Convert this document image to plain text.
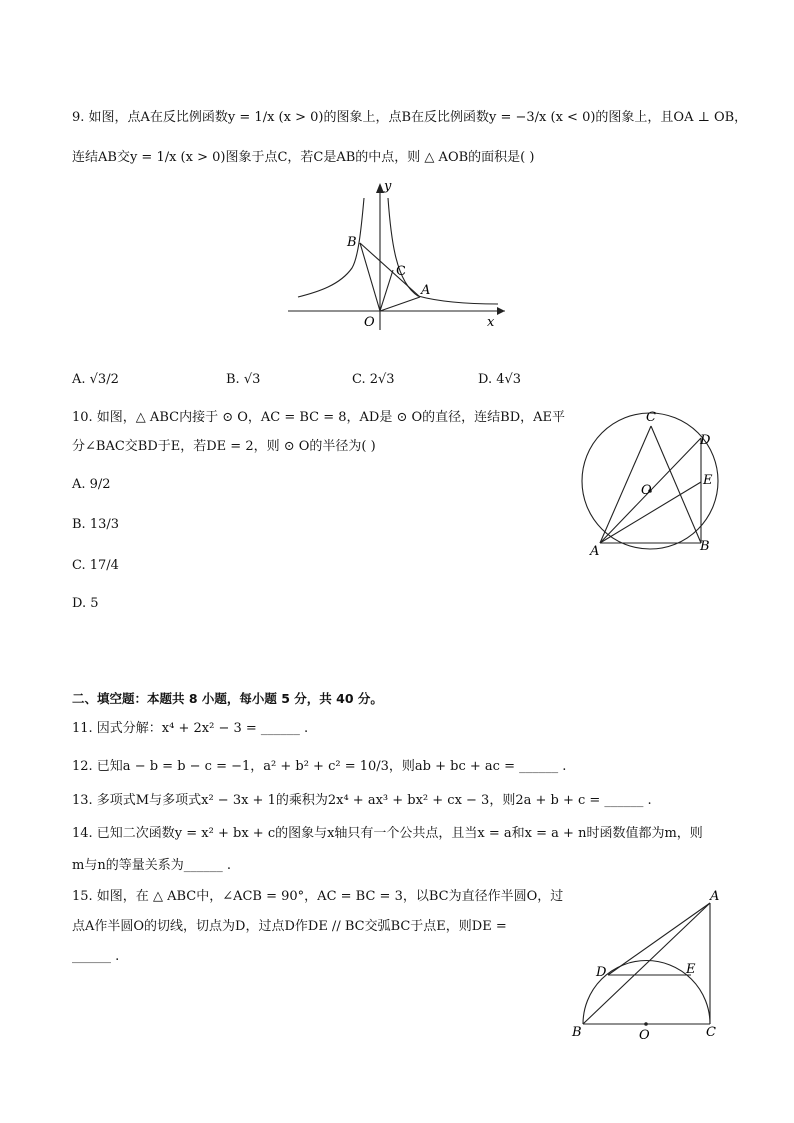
9. 如图，点A在反比例函数y = 1/x (x > 0)的图象上，点B在反比例函数y = −3/x (x < 0)的图象上，且OA ⊥ OB，
连结AB交y = 1/x (x > 0)图象于点C，若C是AB的中点，则 △ AOB的面积是( )
y
x
O
A
B
C
C
D
E
O
A	B
A
D	E
B	O	C
A. √3/2	B. √3	C. 2√3	D. 4√3
10. 如图，△ ABC内接于 ⊙ O，AC = BC = 8，AD是 ⊙ O的直径，连结BD，AE平
分∠BAC交BD于E，若DE = 2，则 ⊙ O的半径为( )
A. 9/2
B. 13/3
C. 17/4
D. 5
二、填空题：本题共 8 小题，每小题 5 分，共 40 分。
11. 因式分解：x⁴ + 2x² − 3 = ______ .
12. 已知a − b = b − c = −1，a² + b² + c² = 10/3，则ab + bc + ac = ______ .
13. 多项式M与多项式x² − 3x + 1的乘积为2x⁴ + ax³ + bx² + cx − 3，则2a + b + c = ______ .
14. 已知二次函数y = x² + bx + c的图象与x轴只有一个公共点，且当x = a和x = a + n时函数值都为m，则
m与n的等量关系为______ .
15. 如图，在 △ ABC中，∠ACB = 90°，AC = BC = 3，以BC为直径作半圆O，过
点A作半圆O的切线，切点为D，过点D作DE // BC交弧BC于点E，则DE =
______ .
